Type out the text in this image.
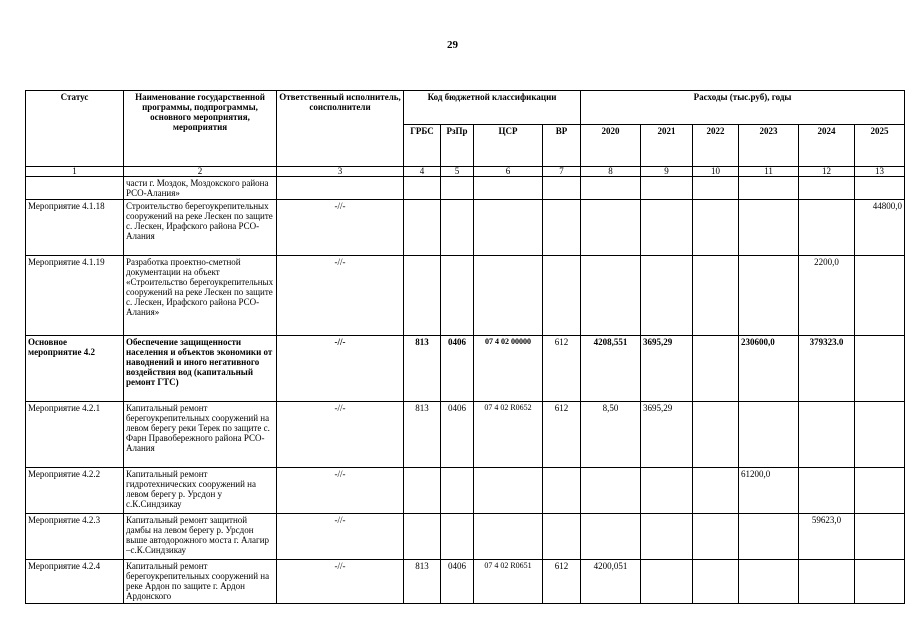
29
Статус	Наименование государственной программы, подпрограммы, основного мероприятия, мероприятия	Ответственный исполнитель, соисполнители	Код бюджетной классификации				Расходы (тыс.руб), годы					
			ГРБС	РзПр	ЦСР	ВР	2020	2021	2022	2023	2024	2025
1	2	3	4	5	6	7	8	9	10	11	12	13
	части г. Моздок, Моздокского района РСО-Алания»											
Мероприятие 4.1.18	Строительство берегоукрепительных сооружений на реке Лескен по защите с. Лескен, Ирафского района РСО-Алания	-//-										44800,0
Мероприятие 4.1.19	Разработка проектно-сметной документации на объект «Строительство берегоукрепительных сооружений на реке Лескен по защите с. Лескен, Ирафского района РСО-Алания»	-//-									2200,0	
Основное мероприятие 4.2	Обеспечение защищенности населения и объектов экономики от наводнений и иного негативного воздействия вод (капитальный ремонт ГТС)	-//-	813	0406	07 4 02 00000	612	4208,551	3695,29		230600,0	379323.0	
Мероприятие 4.2.1	Капитальный ремонт берегоукрепительных сооружений на левом берегу реки Терек по защите с. Фарн Правобережного района РСО-Алания	-//-	813	0406	07 4 02 R0652	612	8,50	3695,29				
Мероприятие 4.2.2	Капитальный ремонт гидротехнических сооружений на левом берегу р. Урсдон у с.К.Синдзикау	-//-								61200,0		
Мероприятие 4.2.3	Капитальный ремонт защитной дамбы на левом берегу р. Урсдон выше автодорожного моста г. Алагир –с.К.Синдзикау	-//-									59623,0	
Мероприятие 4.2.4	Капитальный ремонт берегоукрепительных сооружений на реке Ардон по защите г. Ардон Ардонского	-//-	813	0406	07 4 02 R0651	612	4200,051					
